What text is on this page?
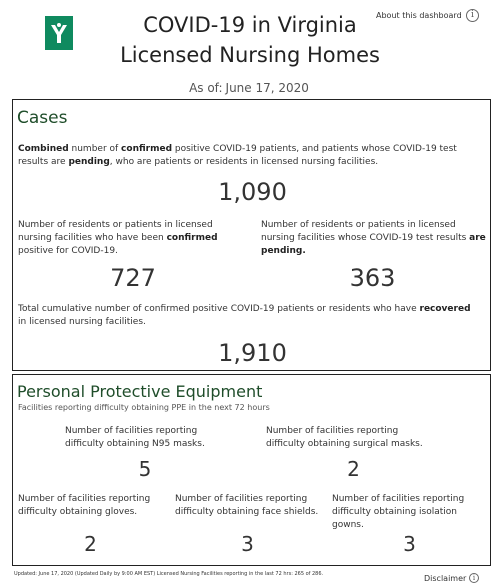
COVID-19 in Virginia
Licensed Nursing Homes
About this dashboard	i
As of: June 17, 2020
Cases
Combined number of confirmed positive COVID-19 patients, and patients whose COVID-19 test results are pending, who are patients or residents in licensed nursing facilities.
1,090
Number of residents or patients in licensed nursing facilities who have been confirmed positive for COVID-19.
727
Number of residents or patients in licensed nursing facilities whose COVID-19 test results are pending.
363
Total cumulative number of confirmed positive COVID-19 patients or residents who have recovered in licensed nursing facilities.
1,910
Personal Protective Equipment
Facilities reporting difficulty obtaining PPE in the next 72 hours
Number of facilities reporting difficulty obtaining N95 masks.
5
Number of facilities reporting difficulty obtaining surgical masks.
2
Number of facilities reporting difficulty obtaining gloves.
2
Number of facilities reporting difficulty obtaining face shields.
3
Number of facilities reporting difficulty obtaining isolation gowns.
3
Updated: June 17, 2020 (Updated Daily by 9:00 AM EST) Licensed Nursing Facilities reporting in the last 72 hrs: 265 of 286.	Disclaimer i
